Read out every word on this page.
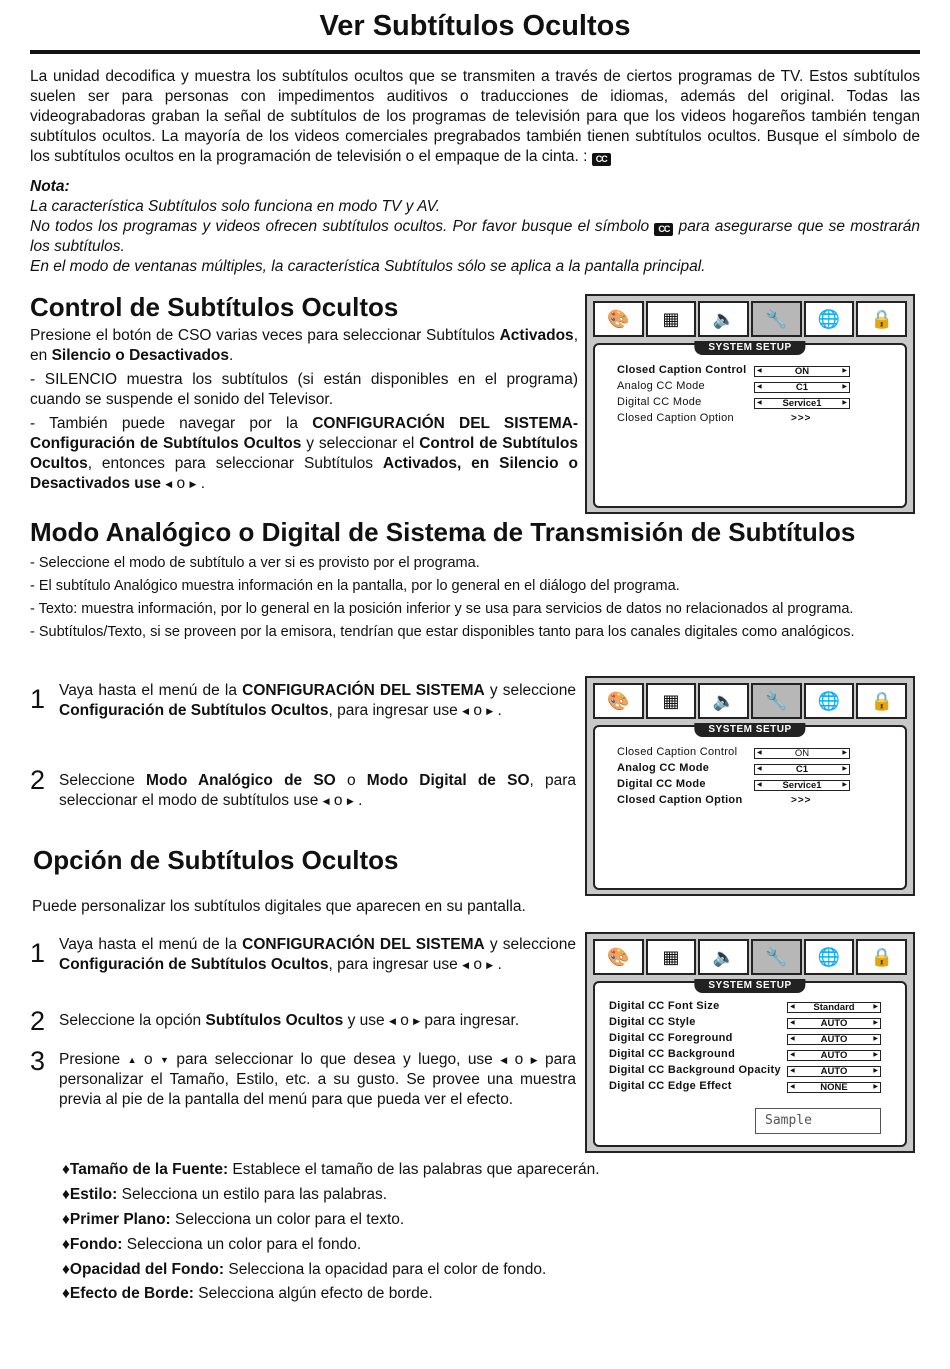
Ver Subtítulos Ocultos

La unidad decodifica y muestra los subtítulos ocultos que se transmiten a través de ciertos programas de TV. Estos subtítulos suelen ser para personas con impedimentos auditivos o traducciones de idiomas, además del original. Todas las videograbadoras graban la señal de subtítulos de los programas de televisión para que los videos hogareños también tengan subtítulos ocultos. La mayoría de los videos comerciales pregrabados también tienen subtítulos ocultos. Busque el símbolo de los subtítulos ocultos en la programación de televisión o el empaque de la cinta. : CC

Nota:

La característica Subtítulos solo funciona en modo TV y AV.

No todos los programas y videos ofrecen subtítulos ocultos. Por favor busque el símbolo CC para asegurarse que se mostrarán los subtítulos.

En el modo de ventanas múltiples, la característica Subtítulos sólo se aplica a la pantalla principal.

Control de Subtítulos Ocultos

Presione el botón de CSO varias veces para seleccionar Subtítulos Activados, en Silencio o Desactivados.

- SILENCIO muestra los subtítulos (si están disponibles en el programa) cuando se suspende el sonido del Televisor.

- También puede navegar por la CONFIGURACIÓN DEL SISTEMA- Configuración de Subtítulos Ocultos y seleccionar el Control de Subtítulos Ocultos, entonces para seleccionar Subtítulos Activados, en Silencio o Desactivados use ◀ o ▶ .

🎨	▦	🔈	🔧	🌐	🔒
SYSTEM SETUP
Closed Caption Control ◀	ON	▶
Analog CC Mode	◀	C1	▶
Digital CC Mode	◀ Service1	▶
Closed Caption Option	>>>
Modo Analógico o Digital de Sistema de Transmisión de Subtítulos

- Seleccione el modo de subtítulo a ver si es provisto por el programa.

- El subtítulo Analógico muestra información en la pantalla, por lo general en el diálogo del programa.

- Texto: muestra información, por lo general en la posición inferior y se usa para servicios de datos no relacionados al programa.

- Subtítulos/Texto, si se proveen por la emisora, tendrían que estar disponibles tanto para los canales digitales como analógicos.

1 Vaya hasta el menú de la CONFIGURACIÓN DEL SISTEMA y seleccione Configuración de Subtítulos Ocultos, para ingresar use ◀ o ▶ .

2 Seleccione Modo Analógico de SO o Modo Digital de SO, para seleccionar el modo de subtítulos use ◀ o ▶ .

🎨	▦	🔈	🔧	🌐	🔒
SYSTEM SETUP
Closed Caption Control	◀	ON	▶
Analog CC Mode	◀	C1	▶
Digital CC Mode	◀ Service1	▶
Closed Caption Option	>>>
Opción de Subtítulos Ocultos

Puede personalizar los subtítulos digitales que aparecen en su pantalla.

1 Vaya hasta el menú de la CONFIGURACIÓN DEL SISTEMA y seleccione Configuración de Subtítulos Ocultos, para ingresar use ◀ o ▶ .

2 Seleccione la opción Subtítulos Ocultos y use ◀ o ▶ para ingresar.

3 Presione ▲ o ▼ para seleccionar lo que desea y luego, use ◀ o ▶ para personalizar el Tamaño, Estilo, etc. a su gusto. Se provee una muestra previa al pie de la pantalla del menú para que pueda ver el efecto.

🎨	▦	🔈	🔧	🌐	🔒
SYSTEM SETUP
Digital CC Font Size	◀ Standard	▶
Digital CC Style	◀	AUTO	▶
Digital CC Foreground	◀	AUTO	▶
Digital CC Background	◀	AUTO	▶
Digital CC Background Opacity ◀	AUTO	▶
Digital CC Edge Effect	◀	NONE	▶
Sample
♦Tamaño de la Fuente: Establece el tamaño de las palabras que aparecerán.
♦Estilo: Selecciona un estilo para las palabras.
♦Primer Plano: Selecciona un color para el texto.
♦Fondo: Selecciona un color para el fondo.
♦Opacidad del Fondo: Selecciona la opacidad para el color de fondo.
♦Efecto de Borde: Selecciona algún efecto de borde.
